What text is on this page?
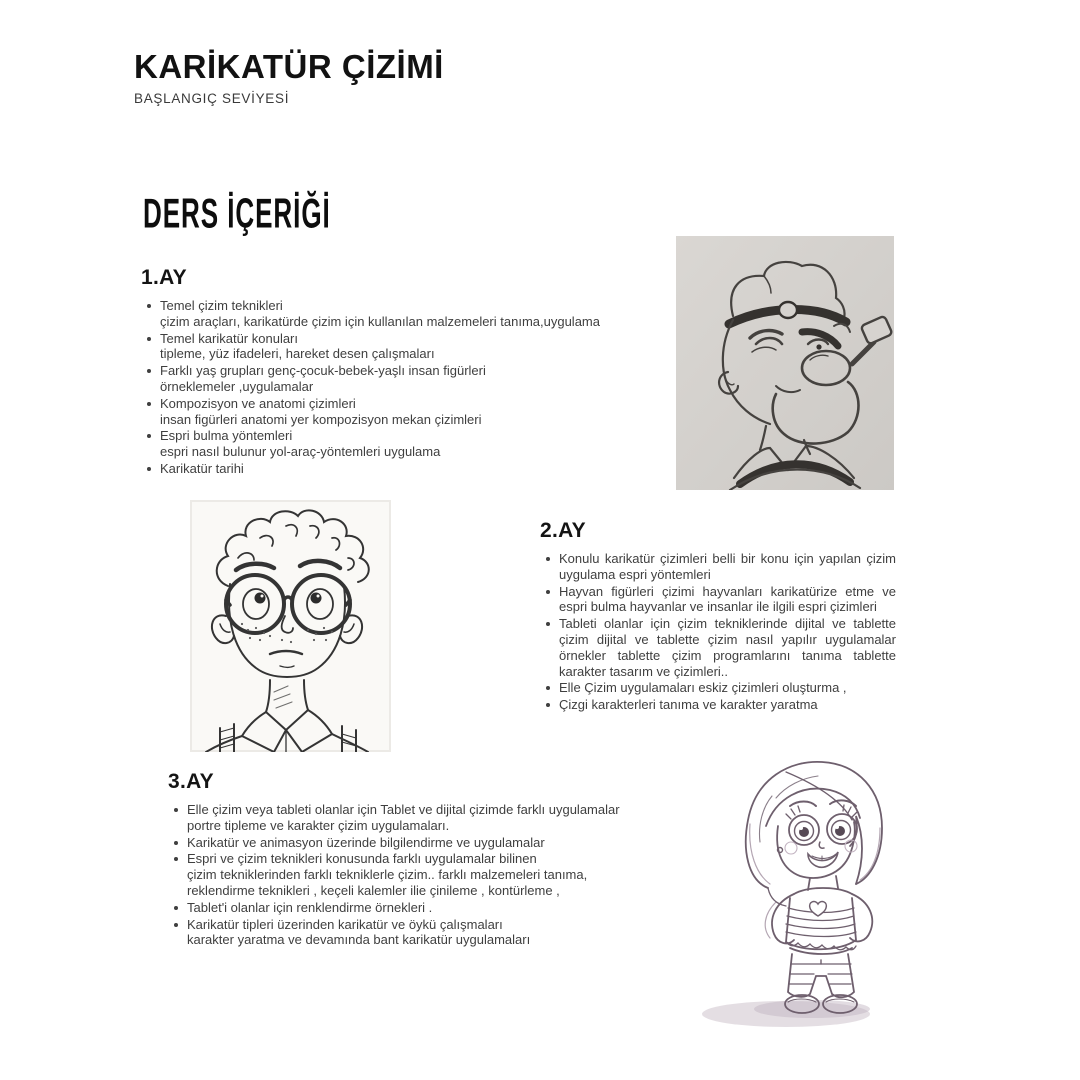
KARİKATÜR ÇİZİMİ
BAŞLANGIÇ SEVİYESİ
DERS İÇERİĞİ
1.AY
Temel çizim teknikleri
çizim araçları, karikatürde çizim için kullanılan malzemeleri tanıma,uygulama
Temel karikatür konuları
tipleme, yüz ifadeleri, hareket desen çalışmaları
Farklı yaş grupları genç-çocuk-bebek-yaşlı insan figürleri
örneklemeler ,uygulamalar
Kompozisyon ve anatomi çizimleri
insan figürleri anatomi yer kompozisyon mekan çizimleri
Espri bulma yöntemleri
espri nasıl bulunur yol-araç-yöntemleri uygulama
Karikatür tarihi
2.AY
Konulu karikatür çizimleri belli bir konu için yapılan çizim uygulama espri yöntemleri
Hayvan figürleri çizimi hayvanları karikatürize etme ve espri bulma hayvanlar ve insanlar ile ilgili espri çizimleri
Tableti olanlar için çizim tekniklerinde dijital ve tablette çizim dijital ve tablette çizim nasıl yapılır uygulamalar örnekler tablette çizim programlarını tanıma tablette karakter tasarım ve çizimleri..
Elle Çizim uygulamaları eskiz çizimleri oluşturma ,
Çizgi karakterleri tanıma ve karakter yaratma
3.AY
Elle çizim veya tableti olanlar için Tablet ve dijital çizimde farklı uygulamalar
portre tipleme ve karakter çizim uygulamaları.
Karikatür ve animasyon üzerinde bilgilendirme ve uygulamalar
Espri ve çizim teknikleri konusunda farklı uygulamalar bilinen
çizim tekniklerinden farklı tekniklerle çizim.. farklı malzemeleri tanıma,
reklendirme teknikleri , keçeli kalemler ilie çinileme , kontürleme ,
Tablet'i olanlar için renklendirme örnekleri .
Karikatür tipleri üzerinden karikatür ve öykü çalışmaları
karakter yaratma ve devamında bant karikatür uygulamaları
